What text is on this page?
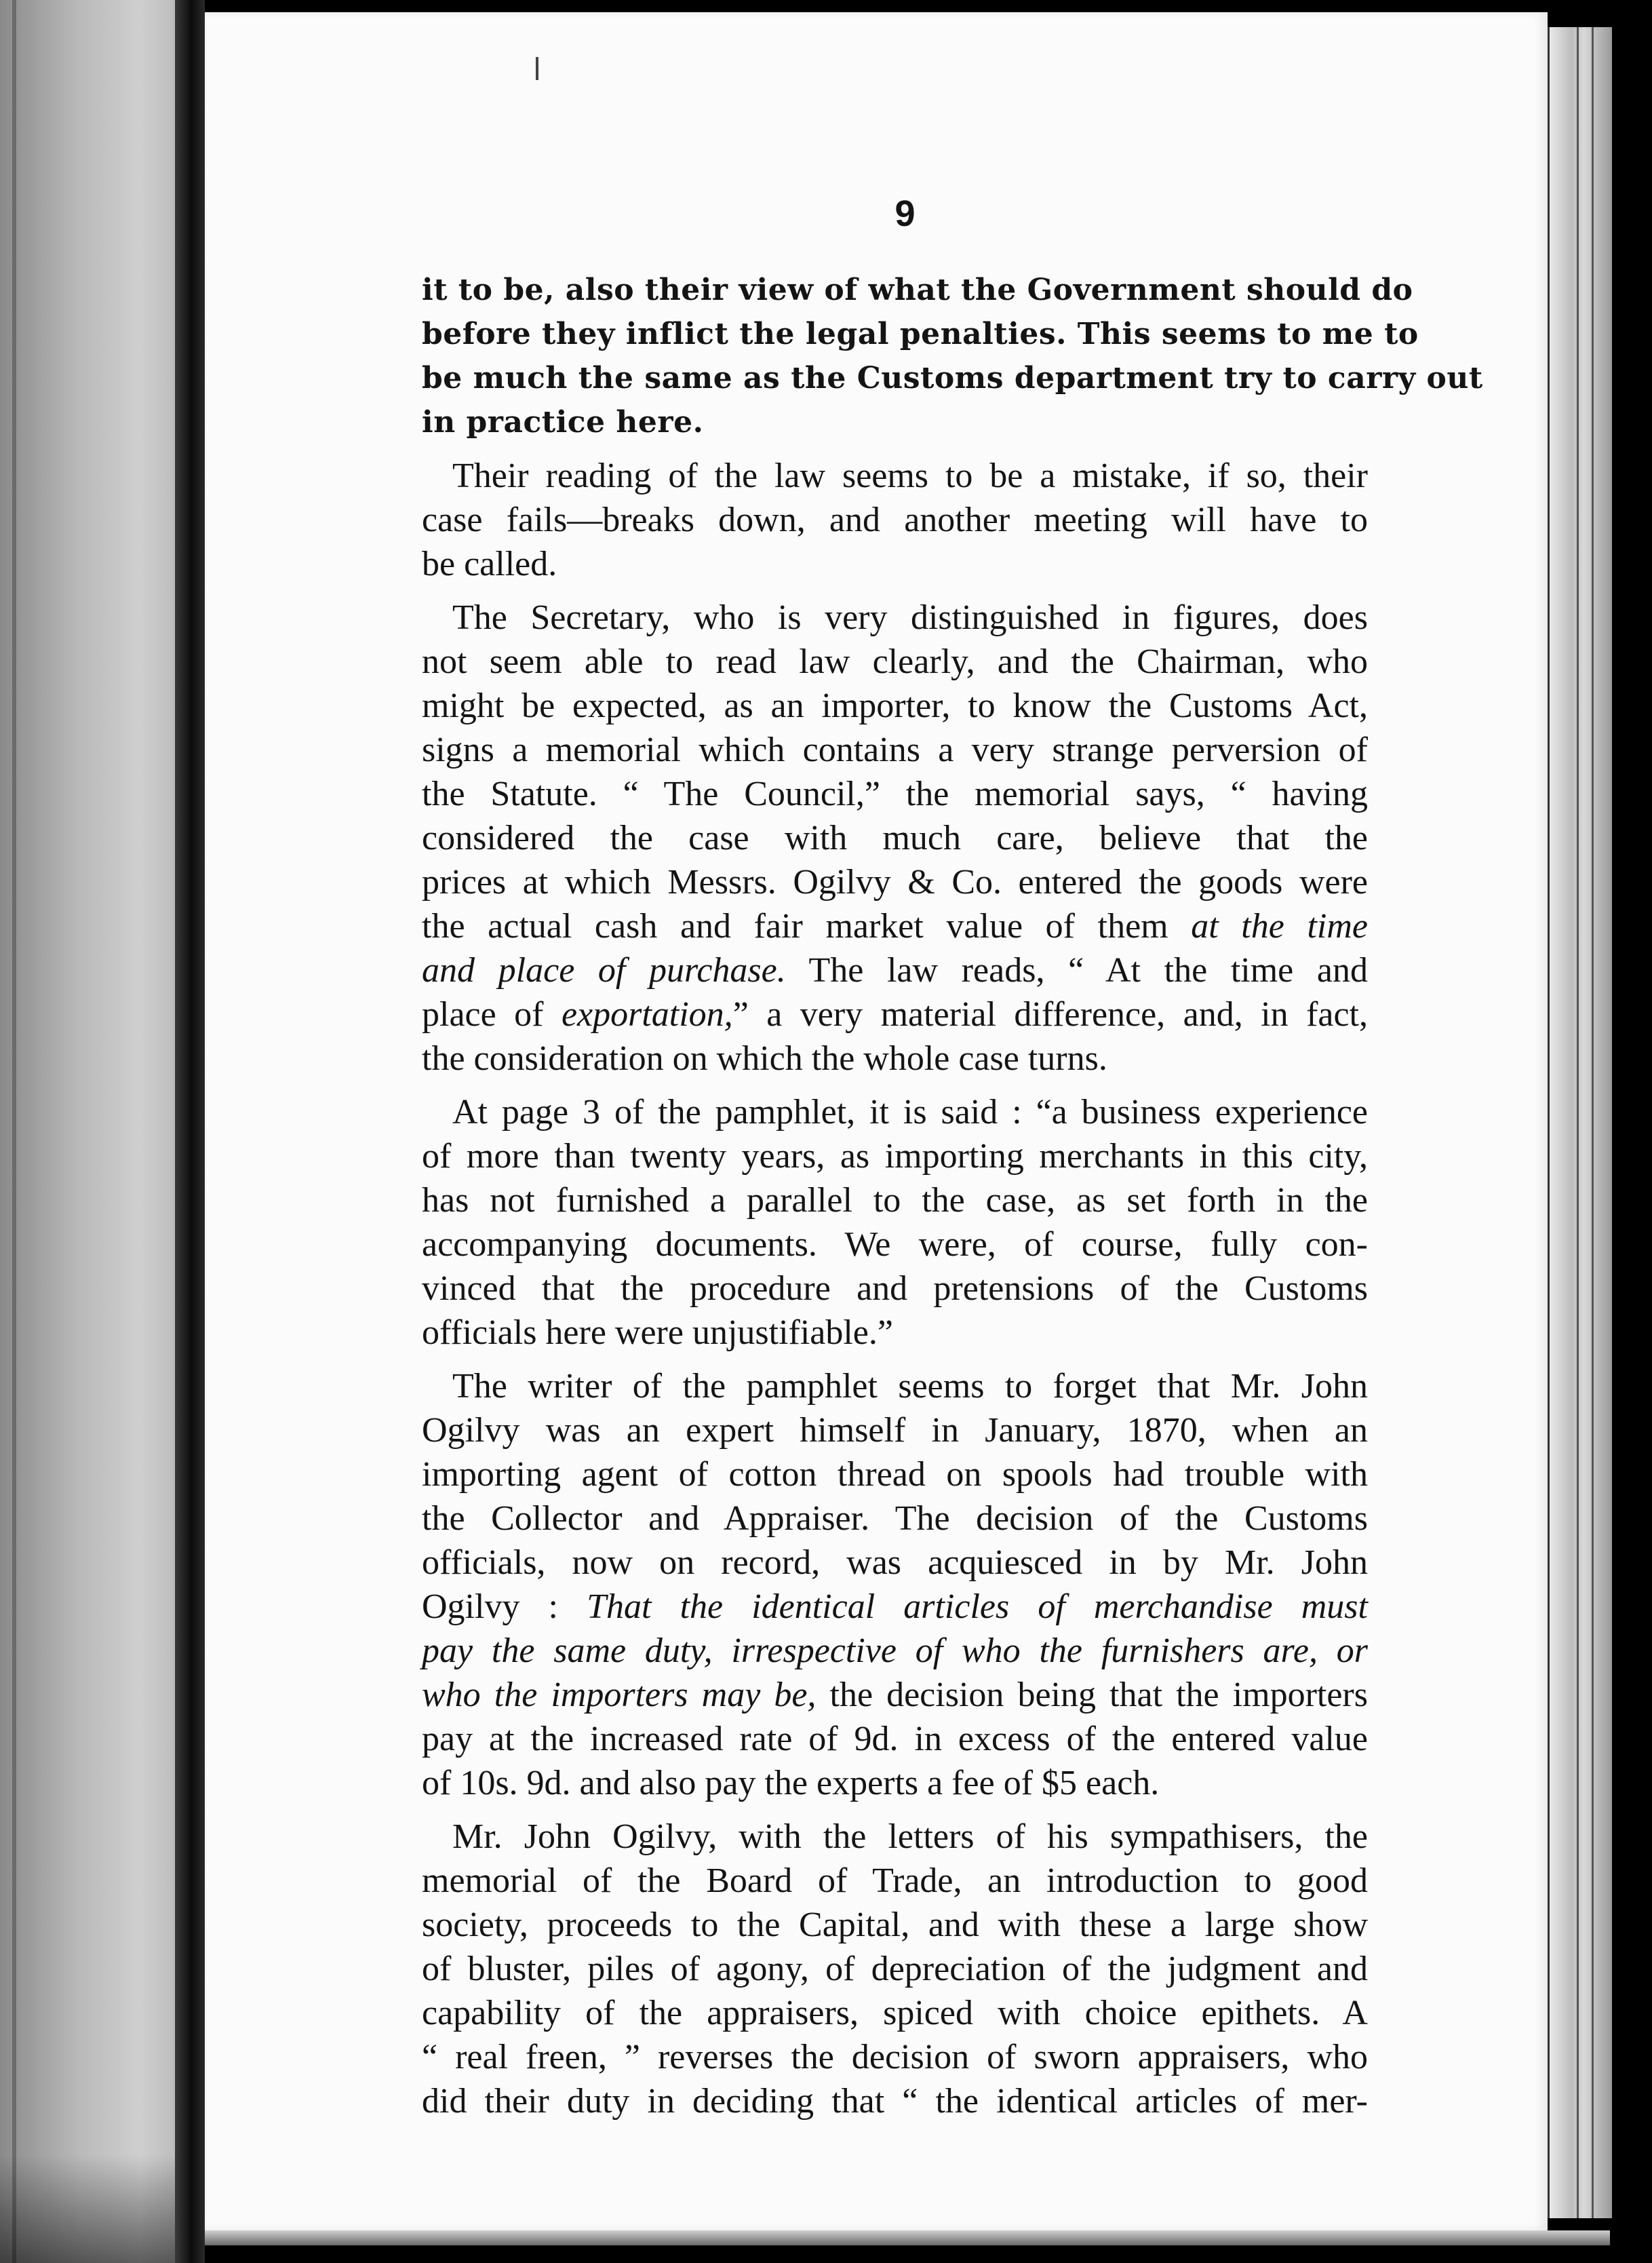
9
it to be, also their view of what the Government should do
before they inflict the legal penalties. This seems to me to
be much the same as the Customs department try to carry out
in practice here.
Their reading of the law seems to be a mistake, if so, their
case fails—breaks down, and another meeting will have to
be called.
The Secretary, who is very distinguished in figures, does
not seem able to read law clearly, and the Chairman, who
might be expected, as an importer, to know the Customs Act,
signs a memorial which contains a very strange perversion of
the Statute. “ The Council,” the memorial says, “ having
considered the case with much care, believe that the
prices at which Messrs. Ogilvy & Co. entered the goods were
the actual cash and fair market value of them at the time
and place of purchase. The law reads, “ At the time and
place of exportation,” a very material difference, and, in fact,
the consideration on which the whole case turns.
At page 3 of the pamphlet, it is said : “a business experience
of more than twenty years, as importing merchants in this city,
has not furnished a parallel to the case, as set forth in the
accompanying documents. We were, of course, fully con-
vinced that the procedure and pretensions of the Customs
officials here were unjustifiable.”
The writer of the pamphlet seems to forget that Mr. John
Ogilvy was an expert himself in January, 1870, when an
importing agent of cotton thread on spools had trouble with
the Collector and Appraiser. The decision of the Customs
officials, now on record, was acquiesced in by Mr. John
Ogilvy : That the identical articles of merchandise must
pay the same duty, irrespective of who the furnishers are, or
who the importers may be, the decision being that the importers
pay at the increased rate of 9d. in excess of the entered value
of 10s. 9d. and also pay the experts a fee of $5 each.
Mr. John Ogilvy, with the letters of his sympathisers, the
memorial of the Board of Trade, an introduction to good
society, proceeds to the Capital, and with these a large show
of bluster, piles of agony, of depreciation of the judgment and
capability of the appraisers, spiced with choice epithets. A
“ real freen, ” reverses the decision of sworn appraisers, who
did their duty in deciding that “ the identical articles of mer-
